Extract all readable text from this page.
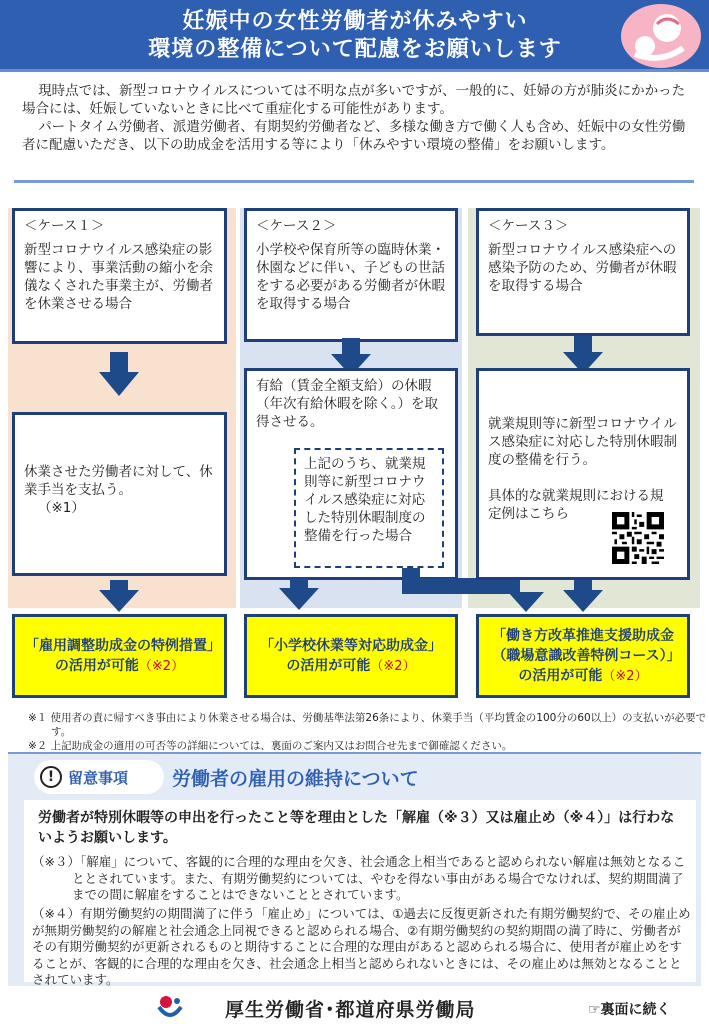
妊娠中の女性労働者が休みやすい
環境の整備について配慮をお願いします

現時点では、新型コロナウイルスについては不明な点が多いですが、一般的に、妊婦の方が肺炎にかかった場合には、妊娠していないときに比べて重症化する可能性があります。

パートタイム労働者、派遣労働者、有期契約労働者など、多様な働き方で働く人も含め、妊娠中の女性労働者に配慮いただき、以下の助成金を活用する等により「休みやすい環境の整備」をお願いします。

＜ケース１＞
新型コロナウイルス感染症の影響により、事業活動の縮小を余儀なくされた事業主が、労働者を休業させる場合
休業させた労働者に対して、休業手当を支払う。
（※1）
「雇用調整助成金の特例措置」の活用が可能（※2）
＜ケース２＞
小学校や保育所等の臨時休業・休園などに伴い、子どもの世話をする必要がある労働者が休暇を取得する場合
有給（賃金全額支給）の休暇（年次有給休暇を除く。）を取得させる。
上記のうち、就業規則等に新型コロナウイルス感染症に対応した特別休暇制度の整備を行った場合
「小学校休業等対応助成金」の活用が可能（※2）
＜ケース３＞
新型コロナウイルス感染症への感染予防のため、労働者が休暇を取得する場合
就業規則等に新型コロナウイルス感染症に対応した特別休暇制度の整備を行う。

具体的な就業規則における規定例はこちら
「働き方改革推進支援助成金（職場意識改善特例コース）」の活用が可能（※2）
※１ 使用者の責に帰すべき事由により休業させる場合は、労働基準法第26条により、休業手当（平均賃金の100分の60以上）の支払いが必要です。
※２ 上記助成金の適用の可否等の詳細については、裏面のご案内又はお問合せ先まで御確認ください。
! 留意事項 労働者の雇用の維持について
労働者が特別休暇等の申出を行ったこと等を理由とした「解雇（※３）又は雇止め（※４）」は行わないようお願いします。
（※３）「解雇」について、客観的に合理的な理由を欠き、社会通念上相当であると認められない解雇は無効となることとされています。また、有期労働契約については、やむを得ない事由がある場合でなければ、契約期間満了までの間に解雇をすることはできないこととされています。
（※４）有期労働契約の期間満了に伴う「雇止め」については、①過去に反復更新された有期労働契約で、その雇止めが無期労働契約の解雇と社会通念上同視できると認められる場合、②有期労働契約の契約期間の満了時に、労働者がその有期労働契約が更新されるものと期待することに合理的な理由があると認められる場合に、使用者が雇止めをすることが、客観的に合理的な理由を欠き、社会通念上相当と認められないときには、その雇止めは無効となることとされています。
厚生労働省･都道府県労働局	☞裏面に続く
